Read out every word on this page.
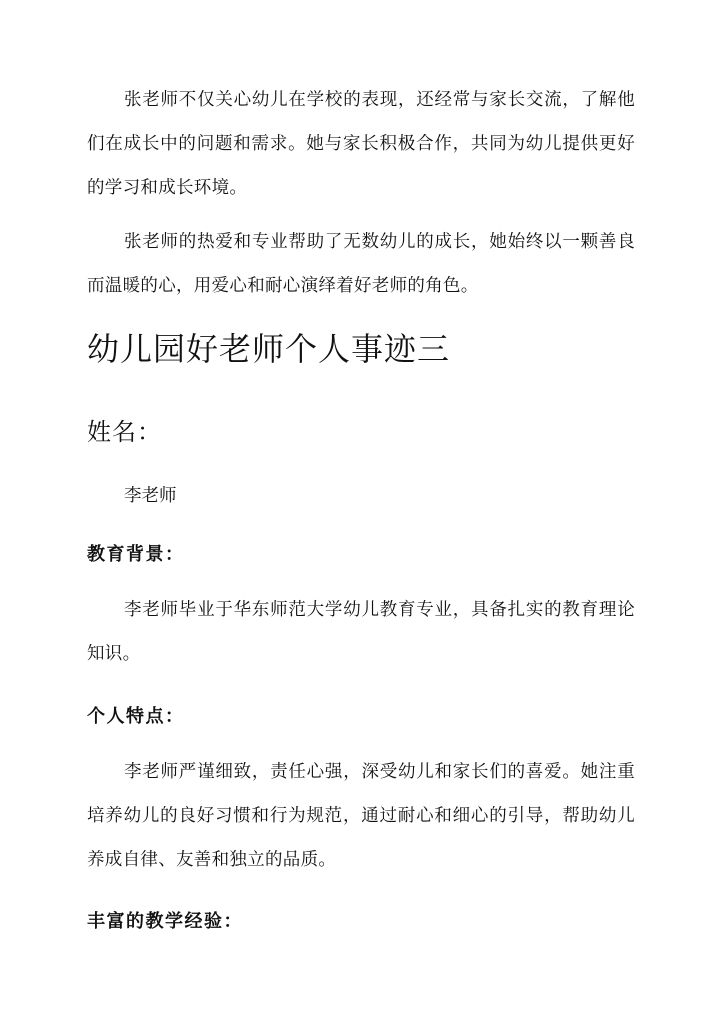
张老师不仅关心幼儿在学校的表现，还经常与家长交流，了解他们在成长中的问题和需求。她与家长积极合作，共同为幼儿提供更好的学习和成长环境。

张老师的热爱和专业帮助了无数幼儿的成长，她始终以一颗善良而温暖的心，用爱心和耐心演绎着好老师的角色。

幼儿园好老师个人事迹三
姓名：

李老师

教育背景：

李老师毕业于华东师范大学幼儿教育专业，具备扎实的教育理论知识。

个人特点：

李老师严谨细致，责任心强，深受幼儿和家长们的喜爱。她注重培养幼儿的良好习惯和行为规范，通过耐心和细心的引导，帮助幼儿养成自律、友善和独立的品质。

丰富的教学经验：
